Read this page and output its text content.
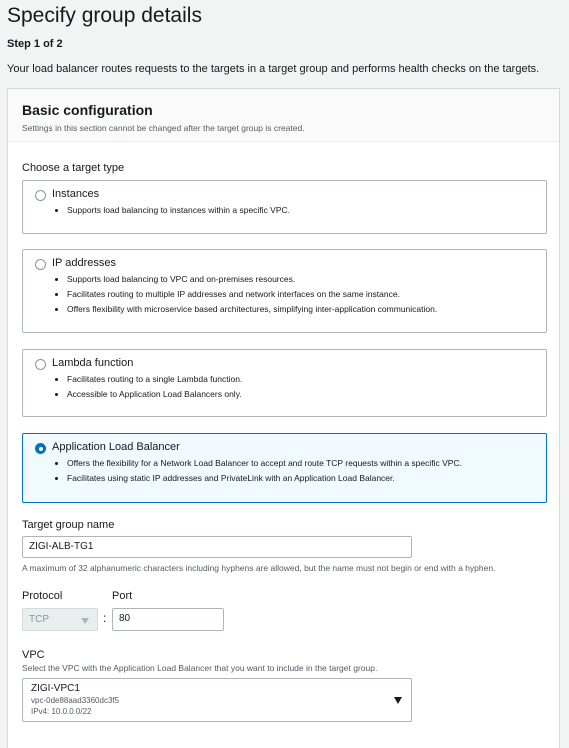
Specify group details
Step 1 of 2
Your load balancer routes requests to the targets in a target group and performs health checks on the targets.
Basic configuration
Settings in this section cannot be changed after the target group is created.
Choose a target type
Instances
• Supports load balancing to instances within a specific VPC.
IP addresses
• Supports load balancing to VPC and on-premises resources.
• Facilitates routing to multiple IP addresses and network interfaces on the same instance.
• Offers flexibility with microservice based architectures, simplifying inter-application communication.
Lambda function
• Facilitates routing to a single Lambda function.
• Accessible to Application Load Balancers only.
Application Load Balancer
• Offers the flexibility for a Network Load Balancer to accept and route TCP requests within a specific VPC.
• Facilitates using static IP addresses and PrivateLink with an Application Load Balancer.
Target group name
ZIGI-ALB-TG1
A maximum of 32 alphanumeric characters including hyphens are allowed, but the name must not begin or end with a hyphen.
Protocol	Port
TCP	:	80
VPC
Select the VPC with the Application Load Balancer that you want to include in the target group.
ZIGI-VPC1
vpc-0de88aad3360dc3f5
IPv4: 10.0.0.0/22
